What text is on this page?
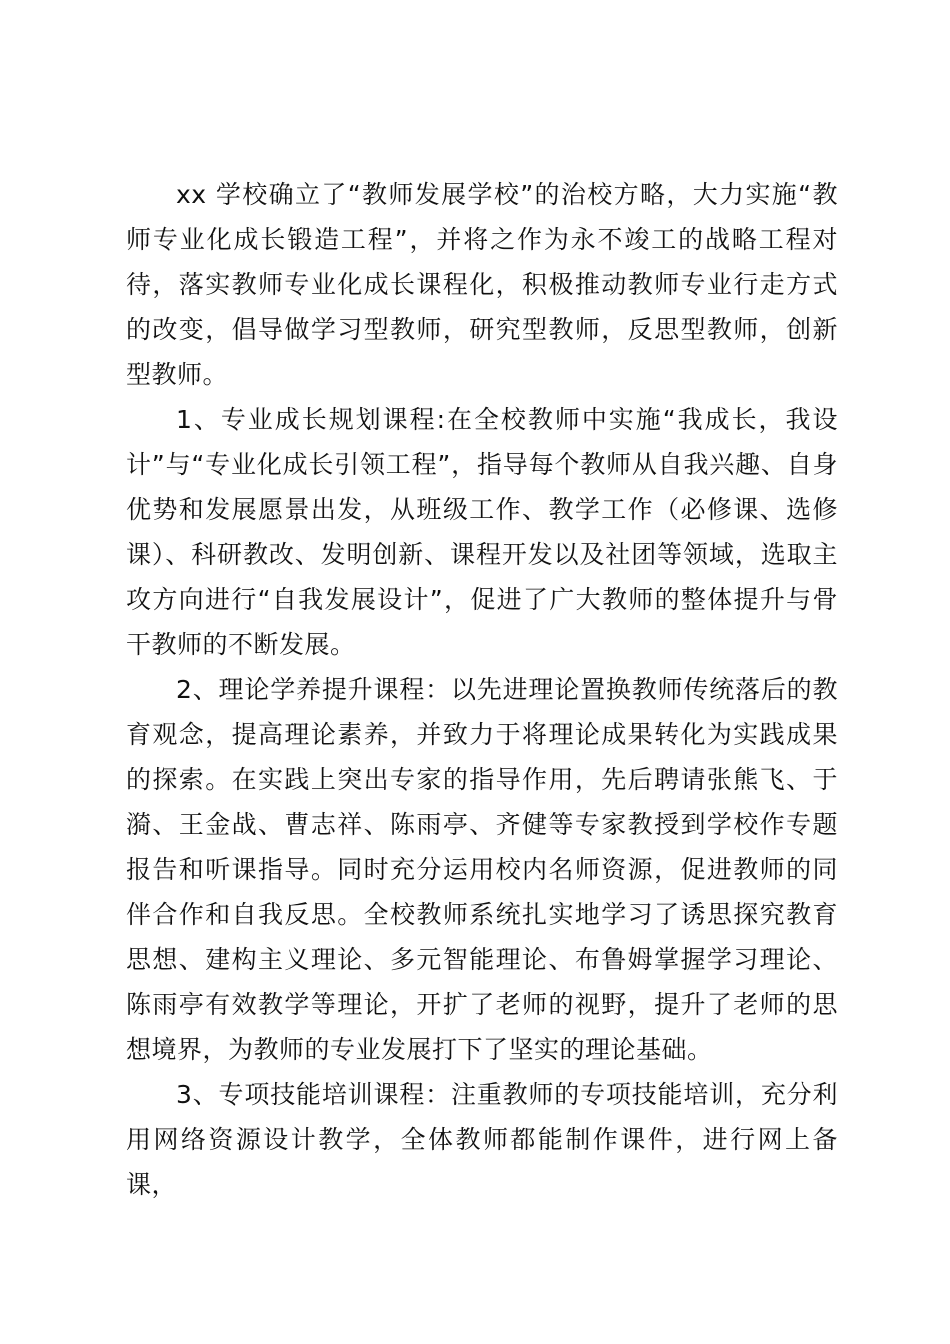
xx 学校确立了“教师发展学校”的治校方略，大力实施“教师专业化成长锻造工程”，并将之作为永不竣工的战略工程对待，落实教师专业化成长课程化，积极推动教师专业行走方式的改变，倡导做学习型教师，研究型教师，反思型教师，创新型教师。

1、专业成长规划课程:在全校教师中实施“我成长，我设计”与“专业化成长引领工程”，指导每个教师从自我兴趣、自身优势和发展愿景出发，从班级工作、教学工作（必修课、选修课）、科研教改、发明创新、课程开发以及社团等领域，选取主攻方向进行“自我发展设计”，促进了广大教师的整体提升与骨干教师的不断发展。

2、理论学养提升课程：以先进理论置换教师传统落后的教育观念，提高理论素养，并致力于将理论成果转化为实践成果的探索。在实践上突出专家的指导作用，先后聘请张熊飞、于漪、王金战、曹志祥、陈雨亭、齐健等专家教授到学校作专题报告和听课指导。同时充分运用校内名师资源，促进教师的同伴合作和自我反思。全校教师系统扎实地学习了诱思探究教育思想、建构主义理论、多元智能理论、布鲁姆掌握学习理论、陈雨亭有效教学等理论，开扩了老师的视野，提升了老师的思想境界，为教师的专业发展打下了坚实的理论基础。

3、专项技能培训课程：注重教师的专项技能培训，充分利用网络资源设计教学，全体教师都能制作课件，进行网上备课，
